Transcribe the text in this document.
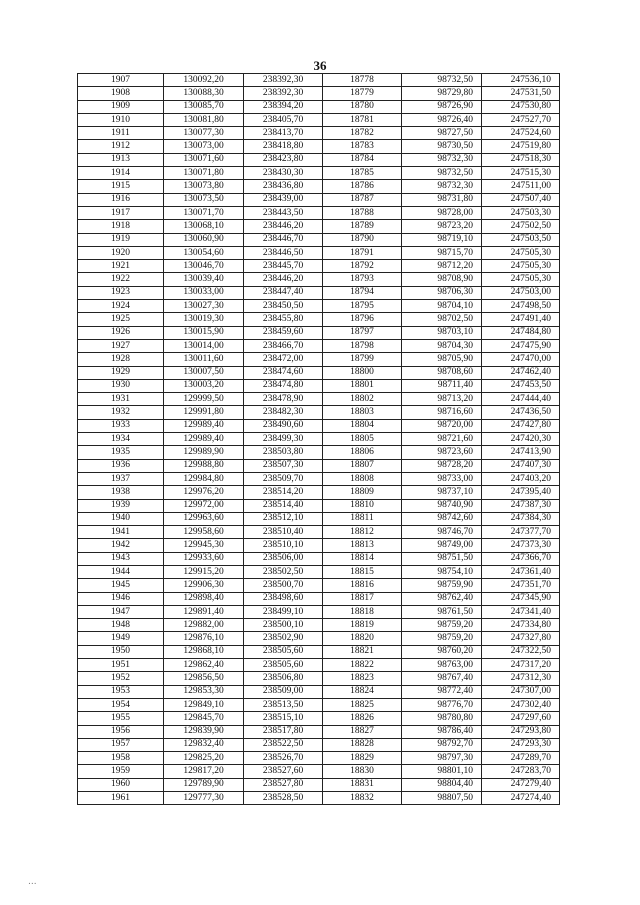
36
1907	130092,20	238392,30	18778	98732,50	247536,10
1908	130088,30	238392,30	18779	98729,80	247531,50
1909	130085,70	238394,20	18780	98726,90	247530,80
1910	130081,80	238405,70	18781	98726,40	247527,70
1911	130077,30	238413,70	18782	98727,50	247524,60
1912	130073,00	238418,80	18783	98730,50	247519,80
1913	130071,60	238423,80	18784	98732,30	247518,30
1914	130071,80	238430,30	18785	98732,50	247515,30
1915	130073,80	238436,80	18786	98732,30	247511,00
1916	130073,50	238439,00	18787	98731,80	247507,40
1917	130071,70	238443,50	18788	98728,00	247503,30
1918	130068,10	238446,20	18789	98723,20	247502,50
1919	130060,90	238446,70	18790	98719,10	247503,50
1920	130054,60	238446,50	18791	98715,70	247505,30
1921	130046,70	238445,70	18792	98712,20	247505,30
1922	130039,40	238446,20	18793	98708,90	247505,30
1923	130033,00	238447,40	18794	98706,30	247503,00
1924	130027,30	238450,50	18795	98704,10	247498,50
1925	130019,30	238455,80	18796	98702,50	247491,40
1926	130015,90	238459,60	18797	98703,10	247484,80
1927	130014,00	238466,70	18798	98704,30	247475,90
1928	130011,60	238472,00	18799	98705,90	247470,00
1929	130007,50	238474,60	18800	98708,60	247462,40
1930	130003,20	238474,80	18801	98711,40	247453,50
1931	129999,50	238478,90	18802	98713,20	247444,40
1932	129991,80	238482,30	18803	98716,60	247436,50
1933	129989,40	238490,60	18804	98720,00	247427,80
1934	129989,40	238499,30	18805	98721,60	247420,30
1935	129989,90	238503,80	18806	98723,60	247413,90
1936	129988,80	238507,30	18807	98728,20	247407,30
1937	129984,80	238509,70	18808	98733,00	247403,20
1938	129976,20	238514,20	18809	98737,10	247395,40
1939	129972,00	238514,40	18810	98740,90	247387,30
1940	129963,60	238512,10	18811	98742,60	247384,30
1941	129958,60	238510,40	18812	98746,70	247377,70
1942	129945,30	238510,10	18813	98749,00	247373,30
1943	129933,60	238506,00	18814	98751,50	247366,70
1944	129915,20	238502,50	18815	98754,10	247361,40
1945	129906,30	238500,70	18816	98759,90	247351,70
1946	129898,40	238498,60	18817	98762,40	247345,90
1947	129891,40	238499,10	18818	98761,50	247341,40
1948	129882,00	238500,10	18819	98759,20	247334,80
1949	129876,10	238502,90	18820	98759,20	247327,80
1950	129868,10	238505,60	18821	98760,20	247322,50
1951	129862,40	238505,60	18822	98763,00	247317,20
1952	129856,50	238506,80	18823	98767,40	247312,30
1953	129853,30	238509,00	18824	98772,40	247307,00
1954	129849,10	238513,50	18825	98776,70	247302,40
1955	129845,70	238515,10	18826	98780,80	247297,60
1956	129839,90	238517,80	18827	98786,40	247293,80
1957	129832,40	238522,50	18828	98792,70	247293,30
1958	129825,20	238526,70	18829	98797,30	247289,70
1959	129817,20	238527,60	18830	98801,10	247283,70
1960	129789,90	238527,80	18831	98804,40	247279,40
1961	129777,30	238528,50	18832	98807,50	247274,40
...
